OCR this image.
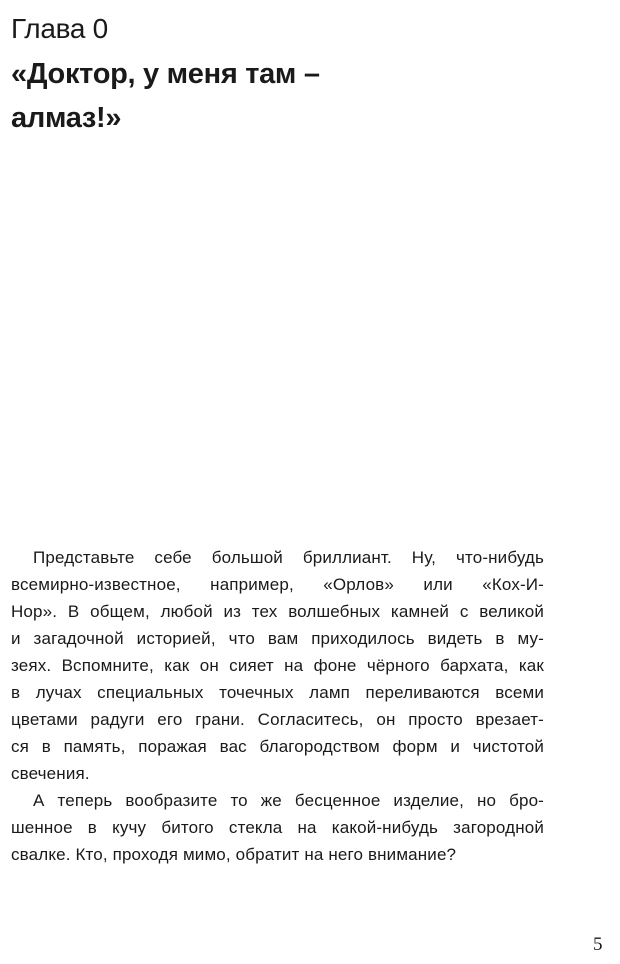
Глава 0
«Доктор, у меня там –
алмаз!»
Представьте себе большой бриллиант. Ну, что-нибудь
всемирно-известное, например, «Орлов» или «Кох-И-
Нор». В общем, любой из тех волшебных камней с великой
и загадочной историей, что вам приходилось видеть в му-
зеях. Вспомните, как он сияет на фоне чёрного бархата, как
в лучах специальных точечных ламп переливаются всеми
цветами радуги его грани. Согласитесь, он просто врезает-
ся в память, поражая вас благородством форм и чистотой
свечения.
А теперь вообразите то же бесценное изделие, но бро-
шенное в кучу битого стекла на какой-нибудь загородной
свалке. Кто, проходя мимо, обратит на него внимание?
5
